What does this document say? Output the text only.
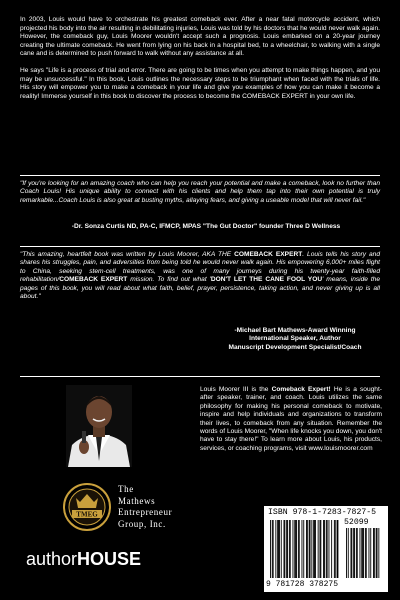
In 2003, Louis would have to orchestrate his greatest comeback ever. After a near fatal motorcycle accident, which projected his body into the air resulting in debilitating injuries, Louis was told by his doctors that he would never walk again. However, the comeback guy, Louis Moorer wouldn't accept such a prognosis. Louis embarked on a 20-year journey creating the ultimate comeback. He went from lying on his back in a hospital bed, to a wheelchair, to walking with a single cane and is determined to push forward to walk without any assistance at all.

He says "Life is a process of trial and error. There are going to be times when you attempt to make things happen, and you may be unsuccessful." In this book, Louis outlines the necessary steps to be triumphant when faced with the trials of life. His story will empower you to make a comeback in your life and give you examples of how you can make it become a reality! Immerse yourself in this book to discover the process to become the COMEBACK EXPERT in your own life.

"If you're looking for an amazing coach who can help you reach your potential and make a comeback, look no further than Coach Louis! His unique ability to connect with his clients and help them tap into their own potential is truly remarkable...Coach Louis is also great at busting myths, allaying fears, and giving a useable model that will never fail."
-Dr. Sonza Curtis ND, PA-C, IFMCP, MPAS "The Gut Doctor" founder Three D Wellness
"This amazing, heartfelt book was written by Louis Moorer, AKA THE COMEBACK EXPERT. Louis tells his story and shares his struggles, pain, and adversities from being told he would never walk again. His empowering 6,000+ miles flight to China, seeking stem-cell treatments, was one of many journeys during his twenty-year faith-filled rehabilitation/COMEBACK EXPERT mission. To find out what 'DON'T LET THE CANE FOOL YOU' means, inside the pages of this book, you will read about what faith, belief, prayer, persistence, taking action, and never giving up is all about."
-Michael Bart Mathews-Award Winning
International Speaker, Author
Manuscript Development Specialist/Coach
Louis Moorer III is the Comeback Expert! He is a sought-after speaker, trainer, and coach. Louis utilizes the same philosophy for making his personal comeback to motivate, inspire and help individuals and organizations to transform their lives, to comeback from any situation. Remember the words of Louis Moorer, "When life knocks you down, you don't have to stay there!" To learn more about Louis, his products, services, or coaching programs, visit www.louismoorer.com
TMEG
The
Mathews
Entrepreneur
Group, Inc.
authorHOUSE
ISBN 978-1-7283-7827-5
52099
9 781728 378275
